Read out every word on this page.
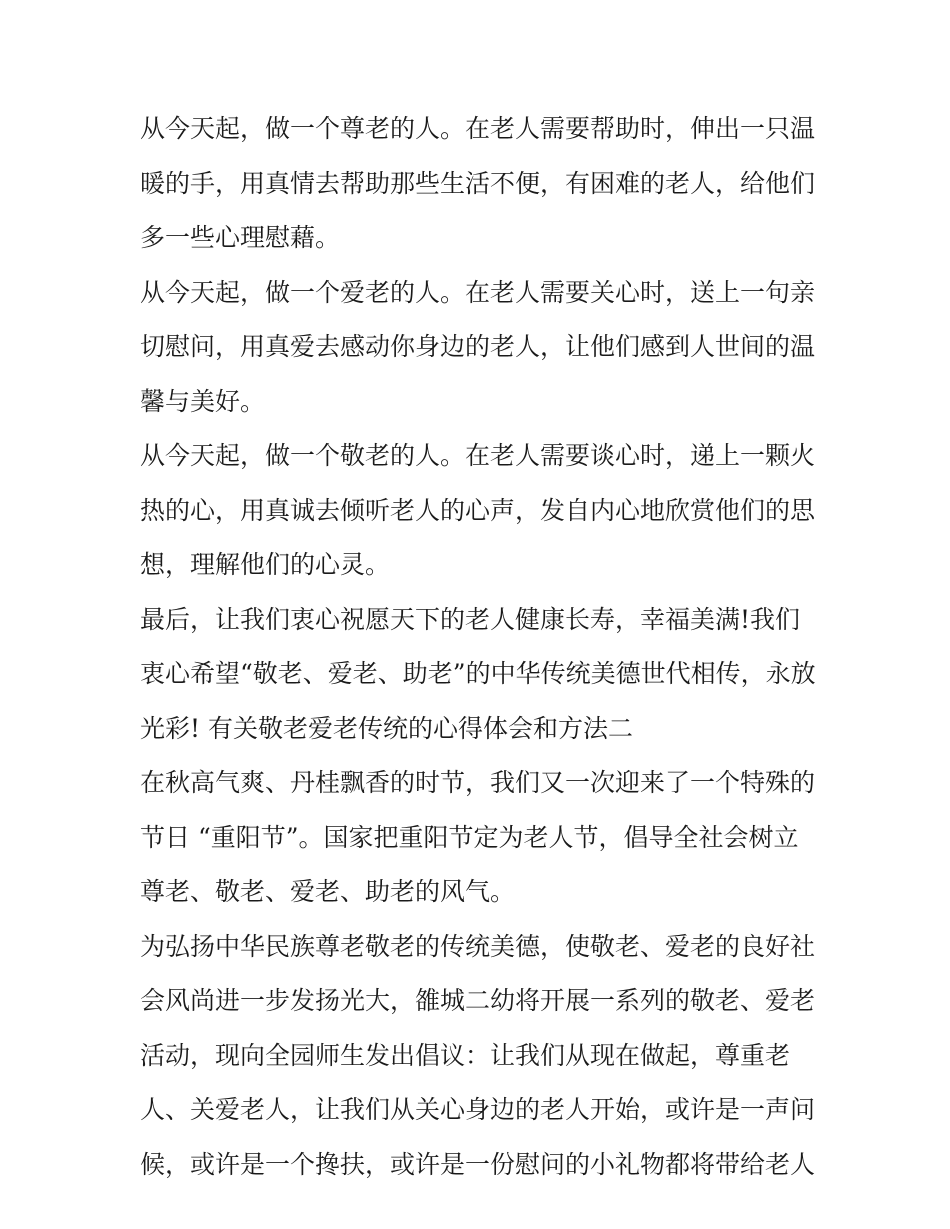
从今天起，做一个尊老的人。在老人需要帮助时，伸出一只温
暖的手，用真情去帮助那些生活不便，有困难的老人，给他们
多一些心理慰藉。
从今天起，做一个爱老的人。在老人需要关心时，送上一句亲
切慰问，用真爱去感动你身边的老人，让他们感到人世间的温
馨与美好。
从今天起，做一个敬老的人。在老人需要谈心时，递上一颗火
热的心，用真诚去倾听老人的心声，发自内心地欣赏他们的思
想，理解他们的心灵。
最后，让我们衷心祝愿天下的老人健康长寿，幸福美满!我们
衷心希望“敬老、爱老、助老”的中华传统美德世代相传，永放
光彩! 有关敬老爱老传统的心得体会和方法二
在秋高气爽、丹桂飘香的时节，我们又一次迎来了一个特殊的
节日 “重阳节”。国家把重阳节定为老人节，倡导全社会树立
尊老、敬老、爱老、助老的风气。
为弘扬中华民族尊老敬老的传统美德，使敬老、爱老的良好社
会风尚进一步发扬光大，雒城二幼将开展一系列的敬老、爱老
活动，现向全园师生发出倡议：让我们从现在做起，尊重老
人、关爱老人，让我们从关心身边的老人开始，或许是一声问
候，或许是一个搀扶，或许是一份慰问的小礼物都将带给老人
